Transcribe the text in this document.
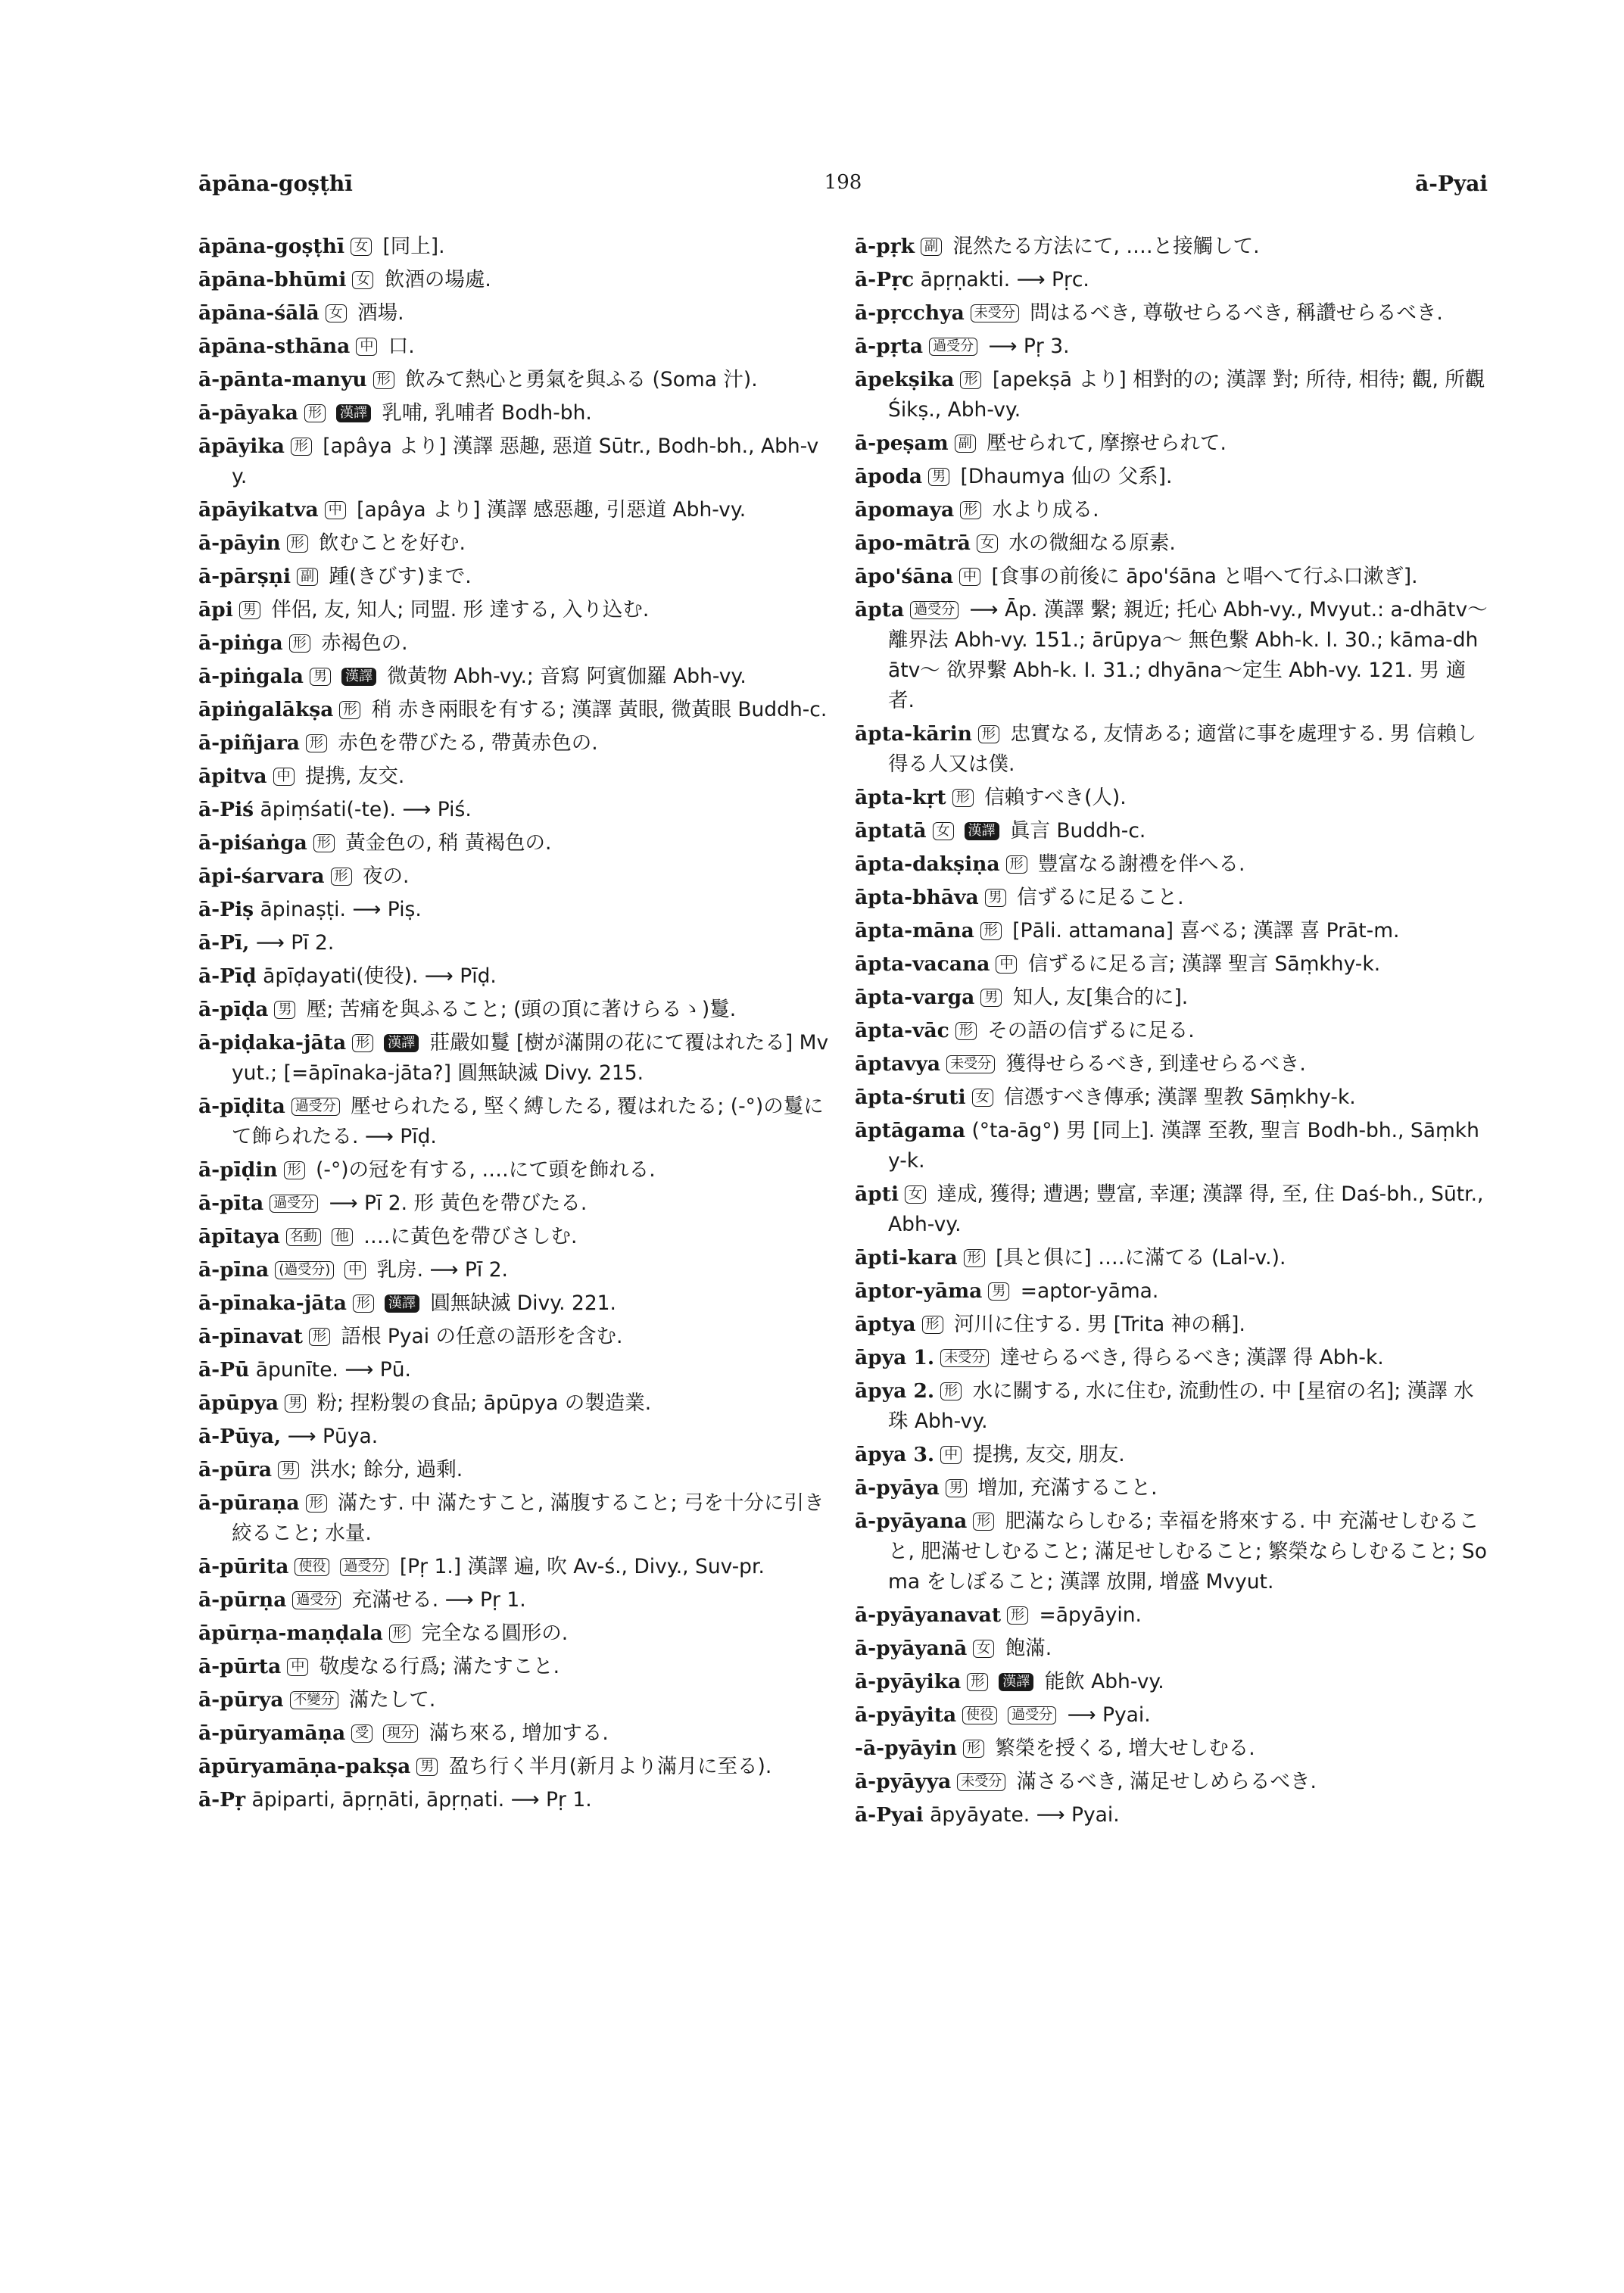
āpāna-goṣṭhī	198	ā-Pyai
āpāna-goṣṭhī 女 [同上].
āpāna-bhūmi 女 飲酒の場處.
āpāna-śālā 女 酒場.
āpāna-sthāna 中 口.
ā-pānta-manyu 形 飲みて熱心と勇氣を與ふる (Soma 汁).
ā-pāyaka 形 漢譯 乳哺, 乳哺者 Bodh-bh.
āpāyika 形 [apâya より] 漢譯 惡趣, 惡道 Sūtr., Bodh-bh., Abh-vy.
āpāyikatva 中 [apâya より] 漢譯 感惡趣, 引惡道 Abh-vy.
ā-pāyin 形 飲むことを好む.
ā-pārṣṇi 副 踵(きびす)まで.
āpi 男 伴侶, 友, 知人; 同盟. 形 達する, 入り込む.
ā-piṅga 形 赤褐色の.
ā-piṅgala 男 漢譯 微黃物 Abh-vy.; 音寫 阿賓伽羅 Abh-vy.
āpiṅgalākṣa 形 稍 赤き兩眼を有する; 漢譯 黃眼, 微黃眼 Buddh-c.
ā-piñjara 形 赤色を帶びたる, 帶黃赤色の.
āpitva 中 提携, 友交.
ā-Piś āpiṃśati(-te). ⟶ Piś.
ā-piśaṅga 形 黃金色の, 稍 黃褐色の.
āpi-śarvara 形 夜の.
ā-Piṣ āpinaṣṭi. ⟶ Piṣ.
ā-Pī, ⟶ Pī 2.
ā-Pīḍ āpīḍayati(使役). ⟶ Pīḍ.
ā-pīḍa 男 壓; 苦痛を與ふること; (頭の頂に著けらるゝ)鬘.
ā-piḍaka-jāta 形 漢譯 莊嚴如鬘 [樹が滿開の花にて覆はれたる] Mvyut.; [=āpīnaka-jāta?] 圓無缺滅 Divy. 215.
ā-pīḍita 過受分 壓せられたる, 堅く縛したる, 覆はれたる; (-°)の鬘にて飾られたる. ⟶ Pīḍ.
ā-pīḍin 形 (-°)の冠を有する, ‥‥にて頭を飾れる.
ā-pīta 過受分 ⟶ Pī 2. 形 黃色を帶びたる.
āpītaya 名動 他 ‥‥に黃色を帶びさしむ.
ā-pīna (過受分) 中 乳房. ⟶ Pī 2.
ā-pīnaka-jāta 形 漢譯 圓無缺滅 Divy. 221.
ā-pīnavat 形 語根 Pyai の任意の語形を含む.
ā-Pū āpunīte. ⟶ Pū.
āpūpya 男 粉; 捏粉製の食品; āpūpya の製造業.
ā-Pūya, ⟶ Pūya.
ā-pūra 男 洪水; 餘分, 過剩.
ā-pūraṇa 形 滿たす. 中 滿たすこと, 滿腹すること; 弓を十分に引き絞ること; 水量.
ā-pūrita 使役 過受分 [Pṛ 1.] 漢譯 遍, 吹 Av-ś., Divy., Suv-pr.
ā-pūrṇa 過受分 充滿せる. ⟶ Pṛ 1.
āpūrṇa-maṇḍala 形 完全なる圓形の.
ā-pūrta 中 敬虔なる行爲; 滿たすこと.
ā-pūrya 不變分 滿たして.
ā-pūryamāṇa 受 現分 滿ち來る, 增加する.
āpūryamāṇa-pakṣa 男 盈ち行く半月(新月より滿月に至る).
ā-Pṛ āpiparti, āpṛṇāti, āpṛṇati. ⟶ Pṛ 1.
ā-pṛk 副 混然たる方法にて, ‥‥と接觸して.
ā-Pṛc āpṛṇakti. ⟶ Pṛc.
ā-pṛcchya 未受分 問はるべき, 尊敬せらるべき, 稱讚せらるべき.
ā-pṛta 過受分 ⟶ Pṛ 3.
āpekṣika 形 [apekṣā より] 相對的の; 漢譯 對; 所待, 相待; 觀, 所觀 Śikṣ., Abh-vy.
ā-peṣam 副 壓せられて, 摩擦せられて.
āpoda 男 [Dhaumya 仙の 父系].
āpomaya 形 水より成る.
āpo-mātrā 女 水の微細なる原素.
āpo'śāna 中 [食事の前後に āpo'śāna と唱へて行ふ口漱ぎ].
āpta 過受分 ⟶ Āp. 漢譯 繫; 親近; 托心 Abh-vy., Mvyut.: a-dhātv〜 離界法 Abh-vy. 151.; ārūpya〜 無色繫 Abh-k. I. 30.; kāma-dhātv〜 欲界繫 Abh-k. I. 31.; dhyāna〜定生 Abh-vy. 121. 男 適者.
āpta-kārin 形 忠實なる, 友情ある; 適當に事を處理する. 男 信賴し得る人又は僕.
āpta-kṛt 形 信賴すべき(人).
āptatā 女 漢譯 眞言 Buddh-c.
āpta-dakṣiṇa 形 豐富なる謝禮を伴へる.
āpta-bhāva 男 信ずるに足ること.
āpta-māna 形 [Pāli. attamana] 喜べる; 漢譯 喜 Prāt-m.
āpta-vacana 中 信ずるに足る言; 漢譯 聖言 Sāṃkhy-k.
āpta-varga 男 知人, 友[集合的に].
āpta-vāc 形 その語の信ずるに足る.
āptavya 未受分 獲得せらるべき, 到達せらるべき.
āpta-śruti 女 信憑すべき傳承; 漢譯 聖教 Sāṃkhy-k.
āptāgama (°ta-āg°) 男 [同上]. 漢譯 至教, 聖言 Bodh-bh., Sāṃkhy-k.
āpti 女 達成, 獲得; 遭遇; 豐富, 幸運; 漢譯 得, 至, 住 Daś-bh., Sūtr., Abh-vy.
āpti-kara 形 [具と俱に] ‥‥に滿てる (Lal-v.).
āptor-yāma 男 =aptor-yāma.
āptya 形 河川に住する. 男 [Trita 神の稱].
āpya 1. 未受分 達せらるべき, 得らるべき; 漢譯 得 Abh-k.
āpya 2. 形 水に關する, 水に住む, 流動性の. 中 [星宿の名]; 漢譯 水珠 Abh-vy.
āpya 3. 中 提携, 友交, 朋友.
ā-pyāya 男 增加, 充滿すること.
ā-pyāyana 形 肥滿ならしむる; 幸福を將來する. 中 充滿せしむること, 肥滿せしむること; 滿足せしむること; 繁榮ならしむること; Soma をしぼること; 漢譯 放開, 增盛 Mvyut.
ā-pyāyanavat 形 =āpyāyin.
ā-pyāyanā 女 飽滿.
ā-pyāyika 形 漢譯 能飲 Abh-vy.
ā-pyāyita 使役 過受分 ⟶ Pyai.
-ā-pyāyin 形 繁榮を授くる, 增大せしむる.
ā-pyāyya 未受分 滿さるべき, 滿足せしめらるべき.
ā-Pyai āpyāyate. ⟶ Pyai.
